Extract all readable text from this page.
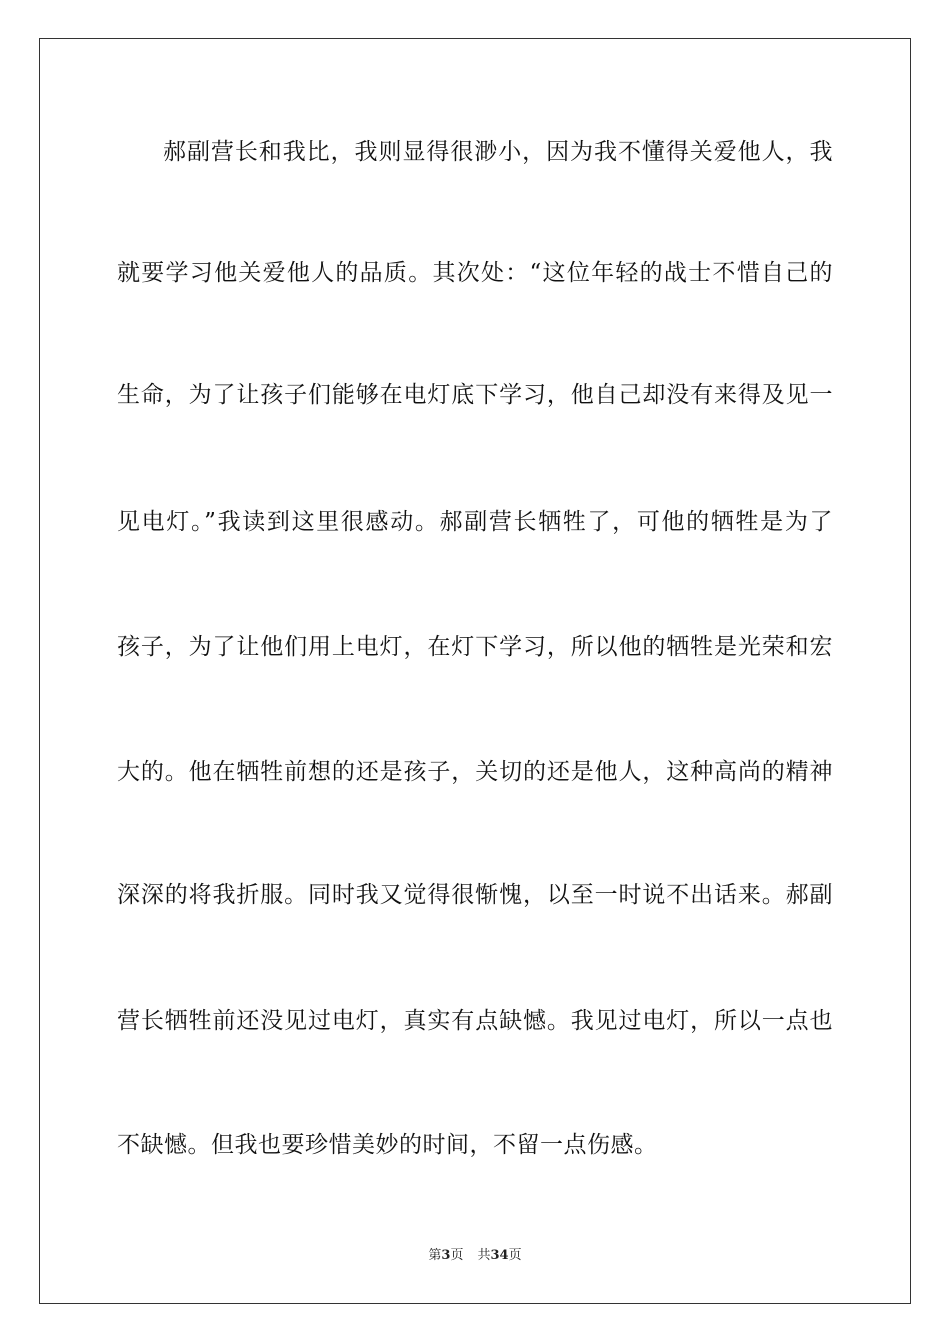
郝副营长和我比，我则显得很渺小，因为我不懂得关爱他人，我
就要学习他关爱他人的品质。其次处：“这位年轻的战士不惜自己的
生命，为了让孩子们能够在电灯底下学习，他自己却没有来得及见一
见电灯。”我读到这里很感动。郝副营长牺牲了，可他的牺牲是为了
孩子，为了让他们用上电灯，在灯下学习，所以他的牺牲是光荣和宏
大的。他在牺牲前想的还是孩子，关切的还是他人，这种高尚的精神
深深的将我折服。同时我又觉得很惭愧，以至一时说不出话来。郝副
营长牺牲前还没见过电灯，真实有点缺憾。我见过电灯，所以一点也
不缺憾。但我也要珍惜美妙的时间，不留一点伤感。
第3页 共34页
